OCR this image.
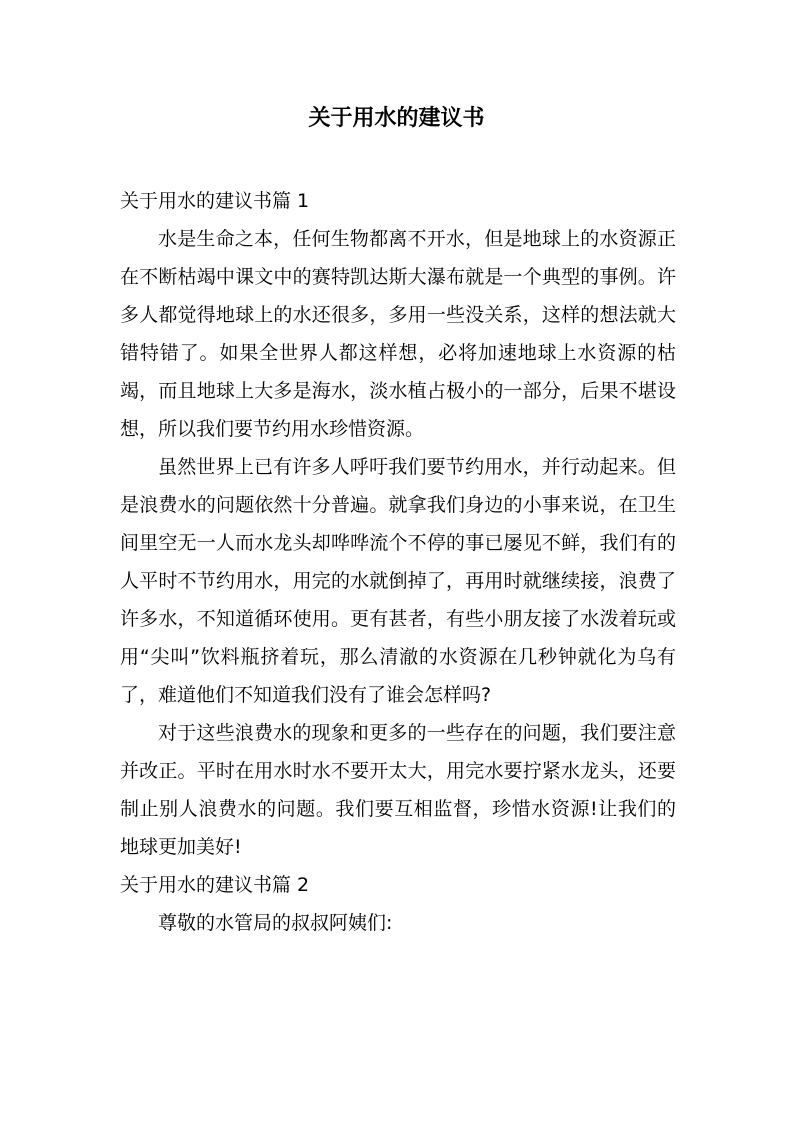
关于用水的建议书

关于用水的建议书篇 1

水是生命之本，任何生物都离不开水，但是地球上的水资源正在不断枯竭中课文中的赛特凯达斯大瀑布就是一个典型的事例。许多人都觉得地球上的水还很多，多用一些没关系，这样的想法就大错特错了。如果全世界人都这样想，必将加速地球上水资源的枯竭，而且地球上大多是海水，淡水植占极小的一部分，后果不堪设想，所以我们要节约用水珍惜资源。

虽然世界上已有许多人呼吁我们要节约用水，并行动起来。但是浪费水的问题依然十分普遍。就拿我们身边的小事来说，在卫生间里空无一人而水龙头却哗哗流个不停的事已屡见不鲜，我们有的人平时不节约用水，用完的水就倒掉了，再用时就继续接，浪费了许多水，不知道循环使用。更有甚者，有些小朋友接了水泼着玩或用“尖叫”饮料瓶挤着玩，那么清澈的水资源在几秒钟就化为乌有了，难道他们不知道我们没有了谁会怎样吗?

对于这些浪费水的现象和更多的一些存在的问题，我们要注意并改正。平时在用水时水不要开太大，用完水要拧紧水龙头，还要制止别人浪费水的问题。我们要互相监督，珍惜水资源!让我们的地球更加美好!

关于用水的建议书篇 2

尊敬的水管局的叔叔阿姨们:
